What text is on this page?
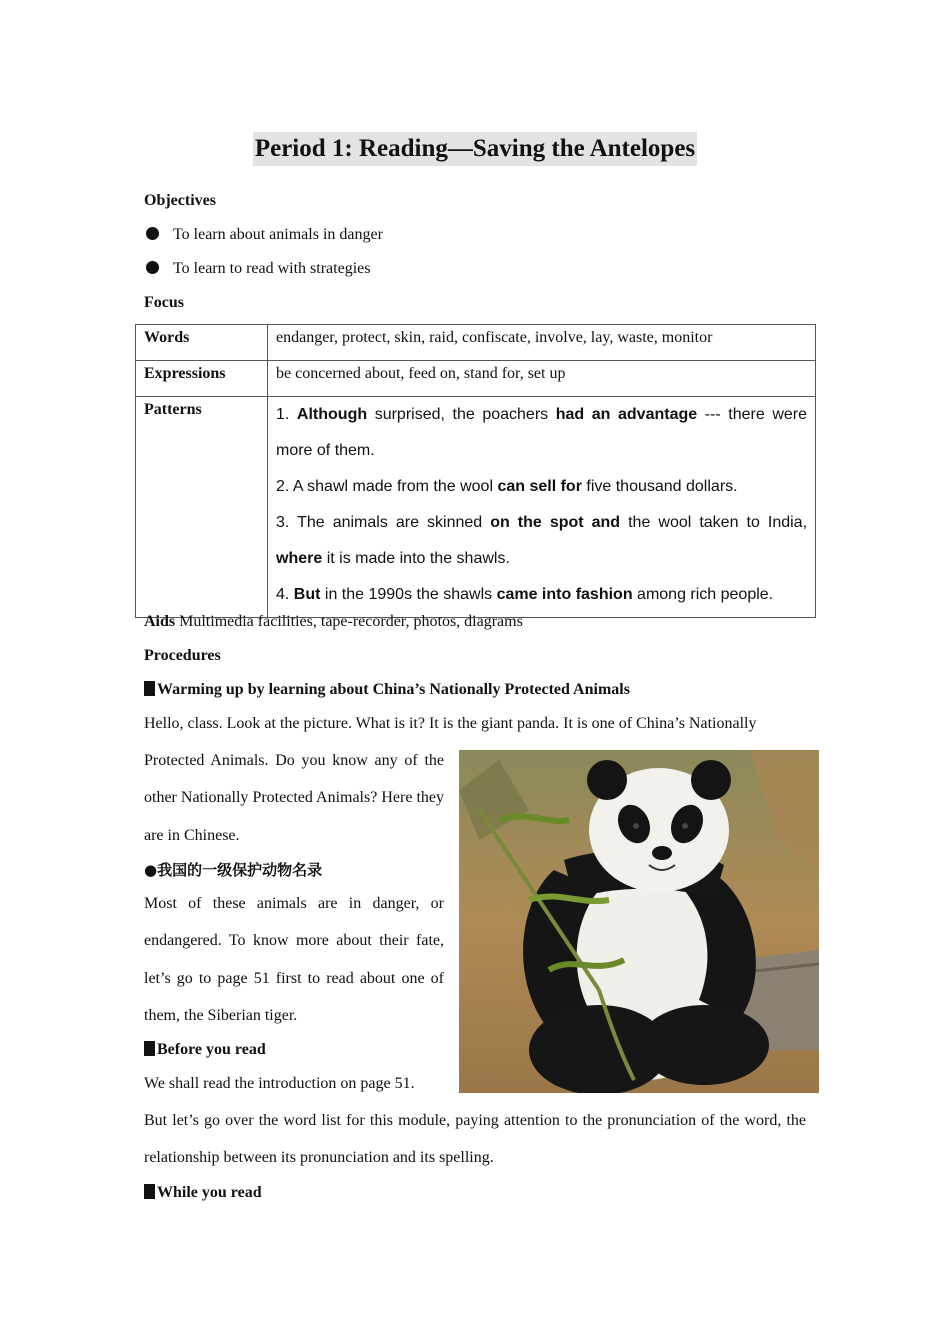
Period 1: Reading—Saving the Antelopes
Objectives
To learn about animals in danger
To learn to read with strategies
Focus
Words	endanger, protect, skin, raid, confiscate, involve, lay, waste, monitor
Expressions	be concerned about, feed on, stand for, set up
Patterns	1. Although surprised, the poachers had an advantage --- there were more of them.
2. A shawl made from the wool can sell for five thousand dollars.
3. The animals are skinned on the spot and the wool taken to India, where it is made into the shawls.
4. But in the 1990s the shawls came into fashion among rich people.
Aids Multimedia facilities, tape-recorder, photos, diagrams
Procedures
Warming up by learning about China’s Nationally Protected Animals
Hello, class. Look at the picture. What is it? It is the giant panda. It is one of China’s Nationally
Protected Animals. Do you know any of the other Nationally Protected Animals? Here they are in Chinese.
●我国的一级保护动物名录
Most of these animals are in danger, or endangered. To know more about their fate, let’s go to page 51 first to read about one of them, the Siberian tiger.
Before you read
We shall read the introduction on page 51.
But let’s go over the word list for this module, paying attention to the pronunciation of the word, the relationship between its pronunciation and its spelling.
While you read
